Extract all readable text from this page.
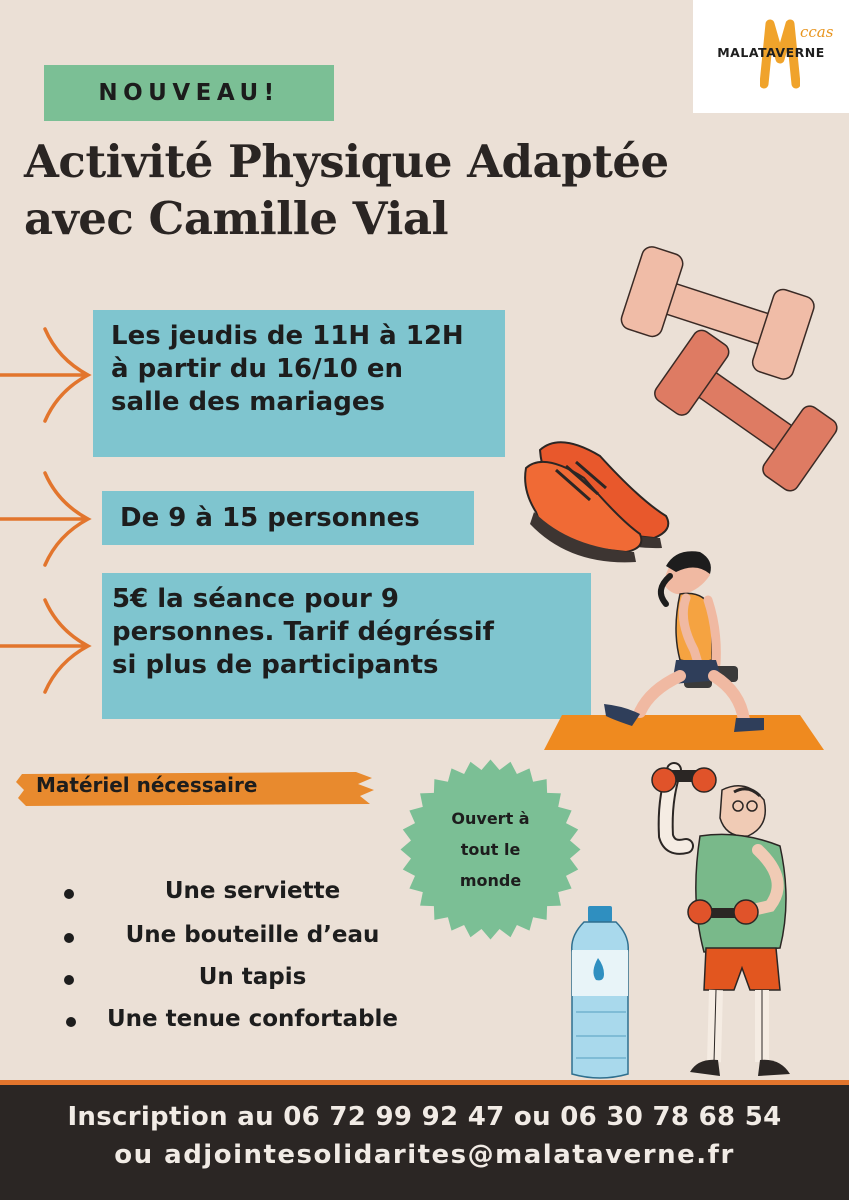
ccas
MALATAVERNE
NOUVEAU!
Activité Physique Adaptée
avec Camille Vial
Les jeudis de 11H à 12H
à partir du 16/10 en
salle des mariages
De 9 à 15 personnes
5€ la séance pour 9
personnes. Tarif dégréssif
si plus de participants
Matériel nécessaire
Une serviette
Une bouteille d’eau
Un tapis
Une tenue confortable
Ouvert à
tout le
monde
Inscription au 06 72 99 92 47 ou 06 30 78 68 54
ou adjointesolidarites@malataverne.fr
